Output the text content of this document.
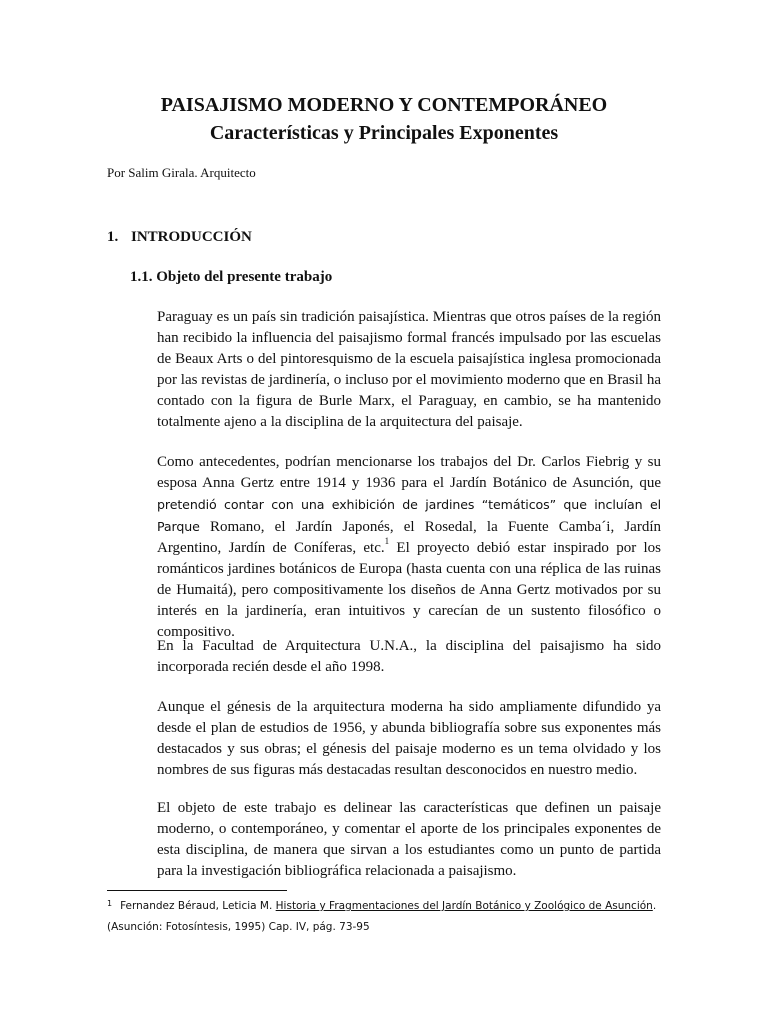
PAISAJISMO MODERNO Y CONTEMPORÁNEO
Características y Principales Exponentes
Por Salim Girala. Arquitecto
1. INTRODUCCIÓN
1.1. Objeto del presente trabajo

Paraguay es un país sin tradición paisajística. Mientras que otros países de la región han recibido la influencia del paisajismo formal francés impulsado por las escuelas de Beaux Arts o del pintoresquismo de la escuela paisajística inglesa promocionada por las revistas de jardinería, o incluso por el movimiento moderno que en Brasil ha contado con la figura de Burle Marx, el Paraguay, en cambio, se ha mantenido totalmente ajeno a la disciplina de la arquitectura del paisaje.

Como antecedentes, podrían mencionarse los trabajos del Dr. Carlos Fiebrig y su esposa Anna Gertz entre 1914 y 1936 para el Jardín Botánico de Asunción, que pretendió contar con una exhibición de jardines “temáticos” que incluían el Parque Romano, el Jardín Japonés, el Rosedal, la Fuente Camba´i, Jardín Argentino, Jardín de Coníferas, etc.$^1$ El proyecto debió estar inspirado por los románticos jardines botánicos de Europa (hasta cuenta con una réplica de las ruinas de Humaitá), pero compositivamente los diseños de Anna Gertz motivados por su interés en la jardinería, eran intuitivos y carecían de un sustento filosófico o compositivo.

En la Facultad de Arquitectura U.N.A., la disciplina del paisajismo ha sido incorporada recién desde el año 1998.

Aunque el génesis de la arquitectura moderna ha sido ampliamente difundido ya desde el plan de estudios de 1956, y abunda bibliografía sobre sus exponentes más destacados y sus obras; el génesis del paisaje moderno es un tema olvidado y los nombres de sus figuras más destacadas resultan desconocidos en nuestro medio.

El objeto de este trabajo es delinear las características que definen un paisaje moderno, o contemporáneo, y comentar el aporte de los principales exponentes de esta disciplina, de manera que sirvan a los estudiantes como un punto de partida para la investigación bibliográfica relacionada a paisajismo.

$^1$ Fernandez Béraud, Leticia M. Historia y Fragmentaciones del Jardín Botánico y Zoológico de Asunción.
(Asunción: Fotosíntesis, 1995) Cap. IV, pág. 73-95
